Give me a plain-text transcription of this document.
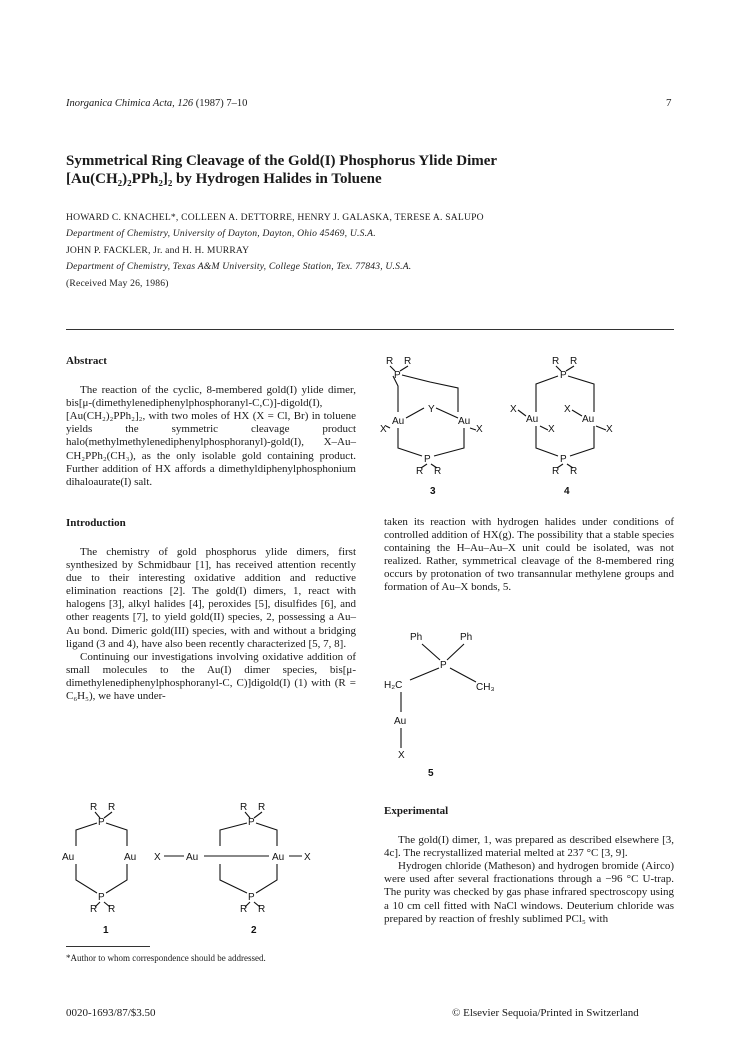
Inorganica Chimica Acta, 126 (1987) 7–10	7
Symmetrical Ring Cleavage of the Gold(I) Phosphorus Ylide Dimer
[Au(CH₂)₂PPh₂]₂ by Hydrogen Halides in Toluene
HOWARD C. KNACHEL*, COLLEEN A. DETTORRE, HENRY J. GALASKA, TERESE A. SALUPO
Department of Chemistry, University of Dayton, Dayton, Ohio 45469, U.S.A.
JOHN P. FACKLER, Jr. and H. H. MURRAY
Department of Chemistry, Texas A&M University, College Station, Tex. 77843, U.S.A.
(Received May 26, 1986)

Abstract

The reaction of the cyclic, 8-membered gold(I) ylide dimer, bis[μ-(dimethylenediphenylphosphoranyl-C,C)]-digold(I), [Au(CH₂)₂PPh₂]₂, with two moles of HX (X = Cl, Br) in toluene yields the symmetric cleavage product halo(methylmethylenediphenylphosphoranyl)-gold(I), X–Au–CH₂PPh₂(CH₃), as the only isolable gold containing product. Further addition of HX affords a dimethyldiphenylphosphonium dihaloaurate(I) salt.

Introduction

The chemistry of gold phosphorus ylide dimers, first synthesized by Schmidbaur [1], has received attention recently due to their interesting oxidative addition and reductive elimination reactions [2]. The gold(I) dimers, 1, react with halogens [3], alkyl halides [4], peroxides [5], disulfides [6], and other reagents [7], to yield gold(II) species, 2, possessing a Au–Au bond. Dimeric gold(III) species, with and without a bridging ligand (3 and 4), have also been recently characterized [5, 7, 8].

Continuing our investigations involving oxidative addition of small molecules to the Au(I) dimer species, bis[μ-dimethylenediphenylphosphoranyl-C, C)]digold(I) (1) with (R = C₆H₅), we have under-

R R
P
Au	Au
P
R R
1
R R
P
X	Au	Au X
P
R R
2
*Author to whom correspondence should be addressed.
R R
P
Y
Au	Au
X	X
P
R R
3
R R
P
X	X
Au	Au
X	X
P
R R
4

taken its reaction with hydrogen halides under conditions of controlled addition of HX(g). The possibility that a stable species containing the H–Au–Au–X unit could be isolated, was not realized. Rather, symmetrical cleavage of the 8-membered ring occurs by protonation of two transannular methylene groups and formation of Au–X bonds, 5.

Ph	Ph
P
H₂C	CH₃
Au
X
5

Experimental

The gold(I) dimer, 1, was prepared as described elsewhere [3, 4c]. The recrystallized material melted at 237 °C [3, 9].

Hydrogen chloride (Matheson) and hydrogen bromide (Airco) were used after several fractionations through a −96 °C U-trap. The purity was checked by gas phase infrared spectroscopy using a 10 cm cell fitted with NaCl windows. Deuterium chloride was prepared by reaction of freshly sublimed PCl₅ with

0020-1693/87/$3.50	© Elsevier Sequoia/Printed in Switzerland
